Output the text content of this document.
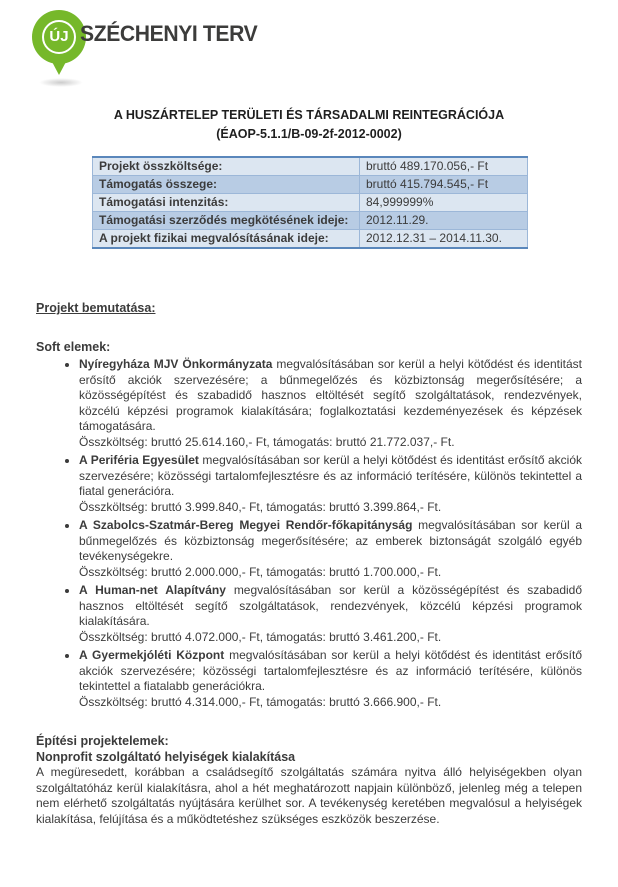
ÚJ SZÉCHENYI TERV
A HUSZÁRTELEP TERÜLETI ÉS TÁRSADALMI REINTEGRÁCIÓJA
(ÉAOP-5.1.1/B-09-2f-2012-0002)
Projekt összköltsége:	bruttó 489.170.056,- Ft
Támogatás összege:	bruttó 415.794.545,- Ft
Támogatási intenzitás:	84,999999%
Támogatási szerződés megkötésének ideje:	2012.11.29.
A projekt fizikai megvalósításának ideje:	2012.12.31 – 2014.11.30.
Projekt bemutatása:
Soft elemek:
• Nyíregyháza MJV Önkormányzata megvalósításában sor kerül a helyi kötődést és identitást erősítő akciók szervezésére; a bűnmegelőzés és közbiztonság megerősítésére; a közösségépítést és szabadidő hasznos eltöltését segítő szolgáltatások, rendezvények, közcélú képzési programok kialakítására; foglalkoztatási kezdeményezések és képzések támogatására.
Összköltség: bruttó 25.614.160,- Ft, támogatás: bruttó 21.772.037,- Ft.
• A Periféria Egyesület megvalósításában sor kerül a helyi kötődést és identitást erősítő akciók szervezésére; közösségi tartalomfejlesztésre és az információ terítésére, különös tekintettel a fiatal generációra.
Összköltség: bruttó 3.999.840,- Ft, támogatás: bruttó 3.399.864,- Ft.
• A Szabolcs-Szatmár-Bereg Megyei Rendőr-főkapitányság megvalósításában sor kerül a bűnmegelőzés és közbiztonság megerősítésére; az emberek biztonságát szolgáló egyéb tevékenységekre.
Összköltség: bruttó 2.000.000,- Ft, támogatás: bruttó 1.700.000,- Ft.
• A Human-net Alapítvány megvalósításában sor kerül a közösségépítést és szabadidő hasznos eltöltését segítő szolgáltatások, rendezvények, közcélú képzési programok kialakítására.
Összköltség: bruttó 4.072.000,- Ft, támogatás: bruttó 3.461.200,- Ft.
• A Gyermekjóléti Központ megvalósításában sor kerül a helyi kötődést és identitást erősítő akciók szervezésére; közösségi tartalomfejlesztésre és az információ terítésére, különös tekintettel a fiatalabb generációkra.
Összköltség: bruttó 4.314.000,- Ft, támogatás: bruttó 3.666.900,- Ft.
Építési projektelemek:
Nonprofit szolgáltató helyiségek kialakítása

A megüresedett, korábban a családsegítő szolgáltatás számára nyitva álló helyiségekben olyan szolgáltatóház kerül kialakításra, ahol a hét meghatározott napjain különböző, jelenleg még a telepen nem elérhető szolgáltatás nyújtására kerülhet sor. A tevékenység keretében megvalósul a helyiségek kialakítása, felújítása és a működtetéshez szükséges eszközök beszerzése.
